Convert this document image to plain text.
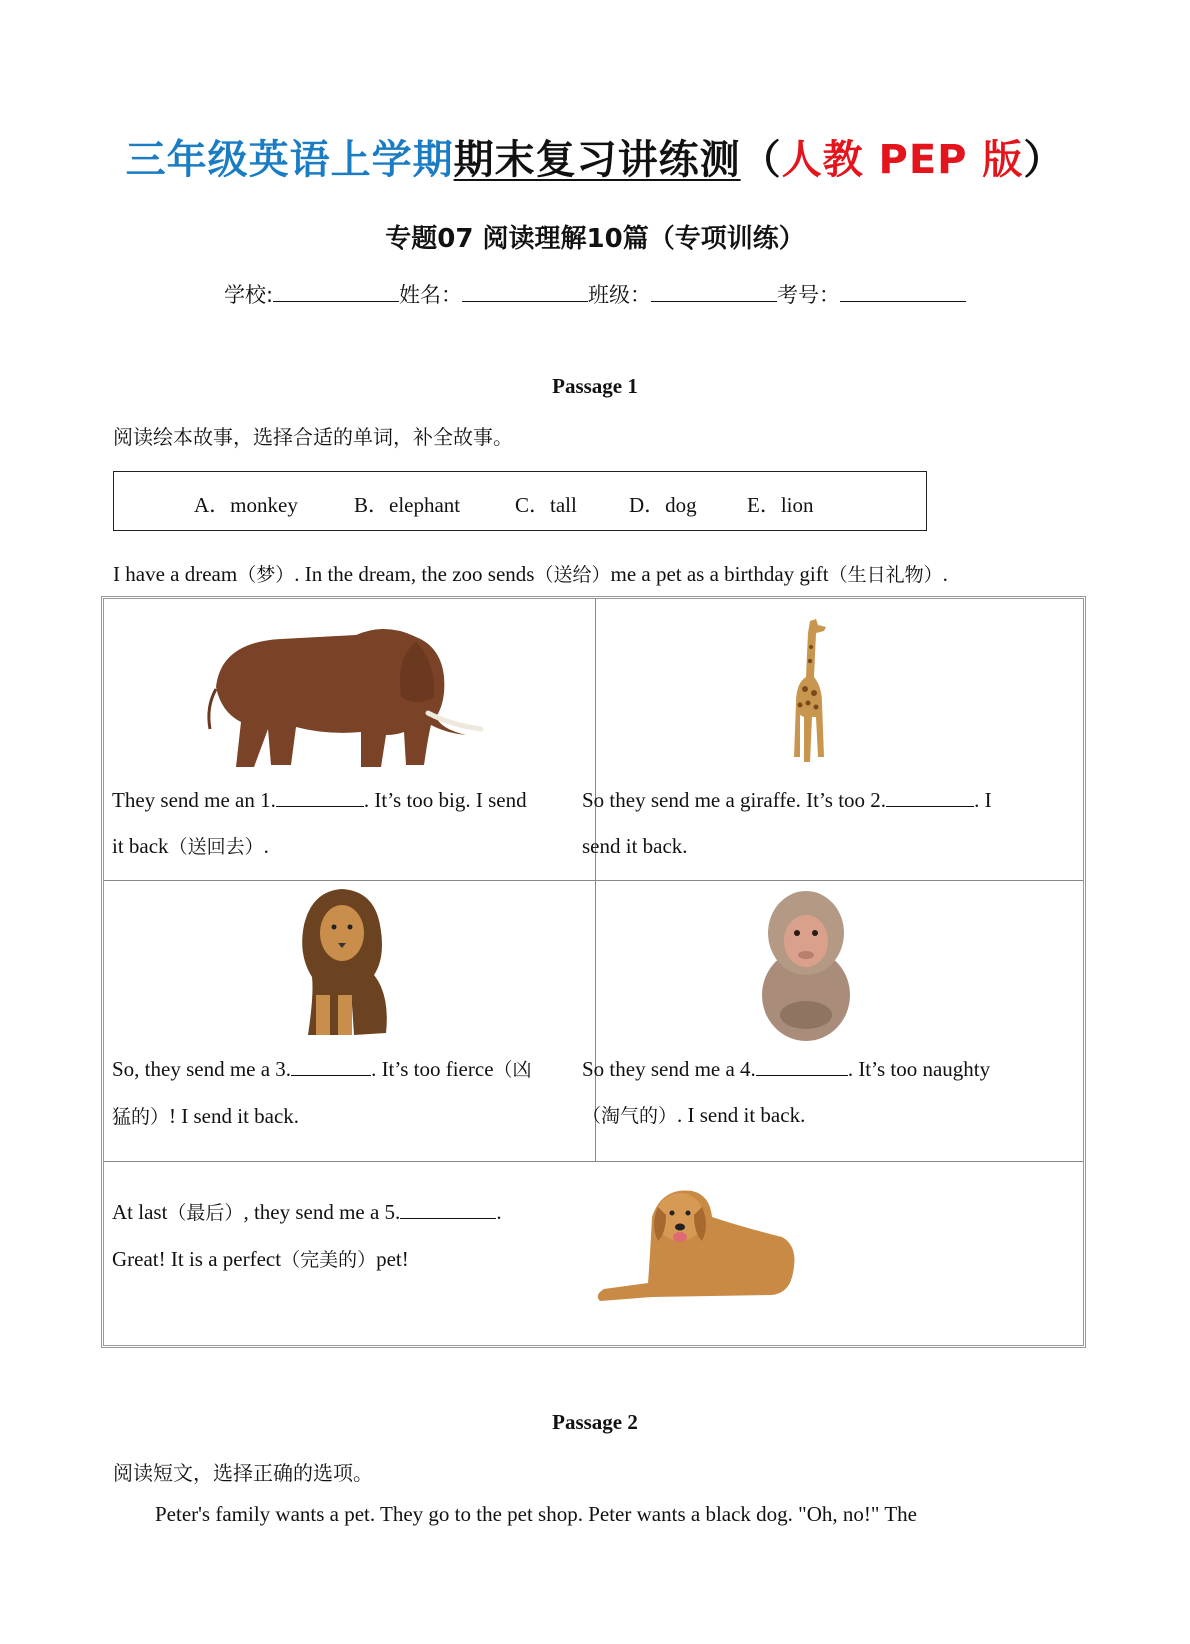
三年级英语上学期期末复习讲练测（人教 PEP 版）
专题07 阅读理解10篇（专项训练）
学校:	姓名：	班级：	考号：
Passage 1
阅读绘本故事，选择合适的单词，补全故事。
A．monkey	B．elephant	C．tall D．dog E．lion
I have a dream（梦）. In the dream, the zoo sends（送给）me a pet as a birthday gift（生日礼物）.
They send me an 1.	. It’s too big. I send
it back（送回去）.
So they send me a giraffe. It’s too 2.	. I
send it back.
So, they send me a 3.	. It’s too fierce（凶
猛的）! I send it back.
So they send me a 4.	. It’s too naughty
（淘气的）. I send it back.
At last（最后）, they send me a 5.	.
Great! It is a perfect（完美的）pet!
Passage 2
阅读短文，选择正确的选项。
Peter's family wants a pet. They go to the pet shop. Peter wants a black dog. "Oh, no!" The
